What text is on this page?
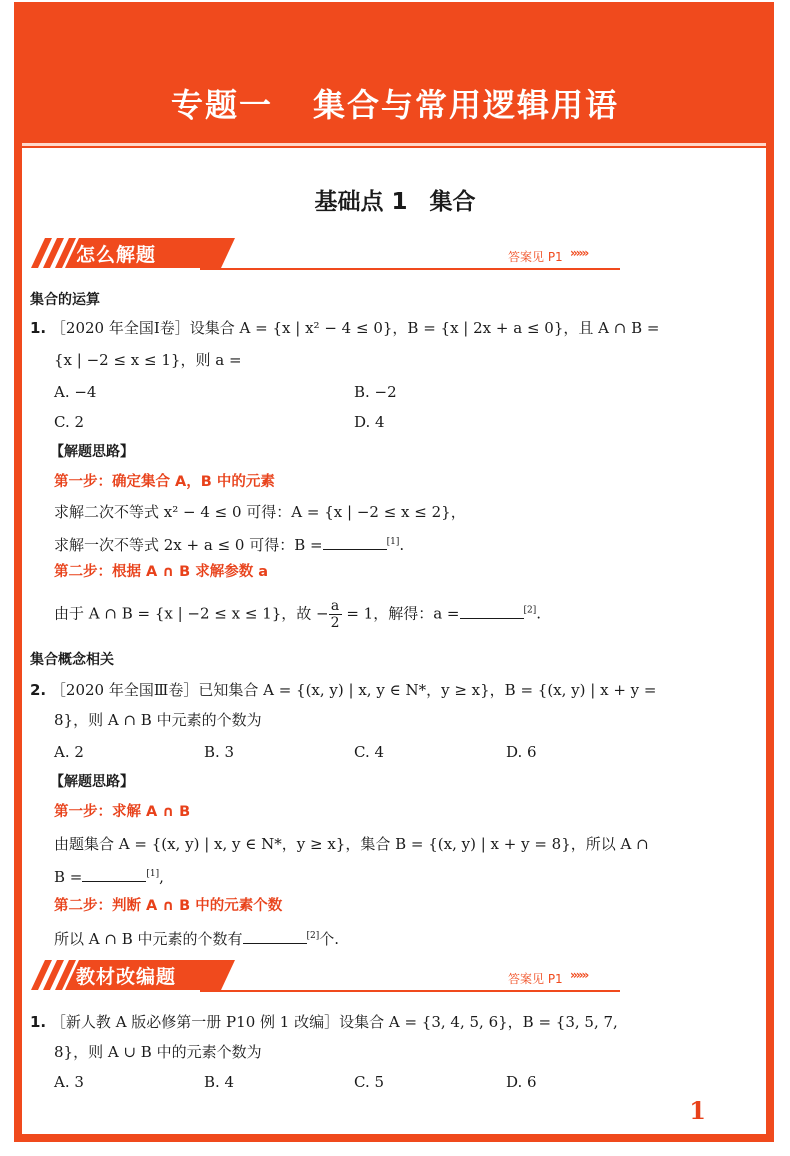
专题一 集合与常用逻辑用语
基础点 1 集合
怎么解题	答案见 P1 »»»
集合的运算
1. ［2020 年全国Ⅰ卷］设集合 A = {x | x² − 4 ≤ 0}，B = {x | 2x + a ≤ 0}，且 A ∩ B =
{x | −2 ≤ x ≤ 1}，则 a =
A. −4	B. −2
C. 2	D. 4
【解题思路】
第一步：确定集合 A，B 中的元素
求解二次不等式 x² − 4 ≤ 0 可得：A = {x | −2 ≤ x ≤ 2}，
求解一次不等式 2x + a ≤ 0 可得：B =	[1].
第二步：根据 A ∩ B 求解参数 a
由于 A ∩ B = {x | −2 ≤ x ≤ 1}，故 − $\frac{a}{2} = 1$，解得：a =	[2].
集合概念相关
2. ［2020 年全国Ⅲ卷］已知集合 A = {(x, y) | x, y ∈ N*，y ≥ x}，B = {(x, y) | x + y =
8}，则 A ∩ B 中元素的个数为
A. 2	B. 3	C. 4	D. 6
【解题思路】
第一步：求解 A ∩ B
由题集合 A = {(x, y) | x, y ∈ N*，y ≥ x}，集合 B = {(x, y) | x + y = 8}，所以 A ∩
B =	[1],
第二步：判断 A ∩ B 中的元素个数
所以 A ∩ B 中元素的个数有	[2]个.
教材改编题	答案见 P1 »»»
1. ［新人教 A 版必修第一册 P10 例 1 改编］设集合 A = {3, 4, 5, 6}，B = {3, 5, 7,
8}，则 A ∪ B 中的元素个数为
A. 3	B. 4	C. 5	D. 6
1
